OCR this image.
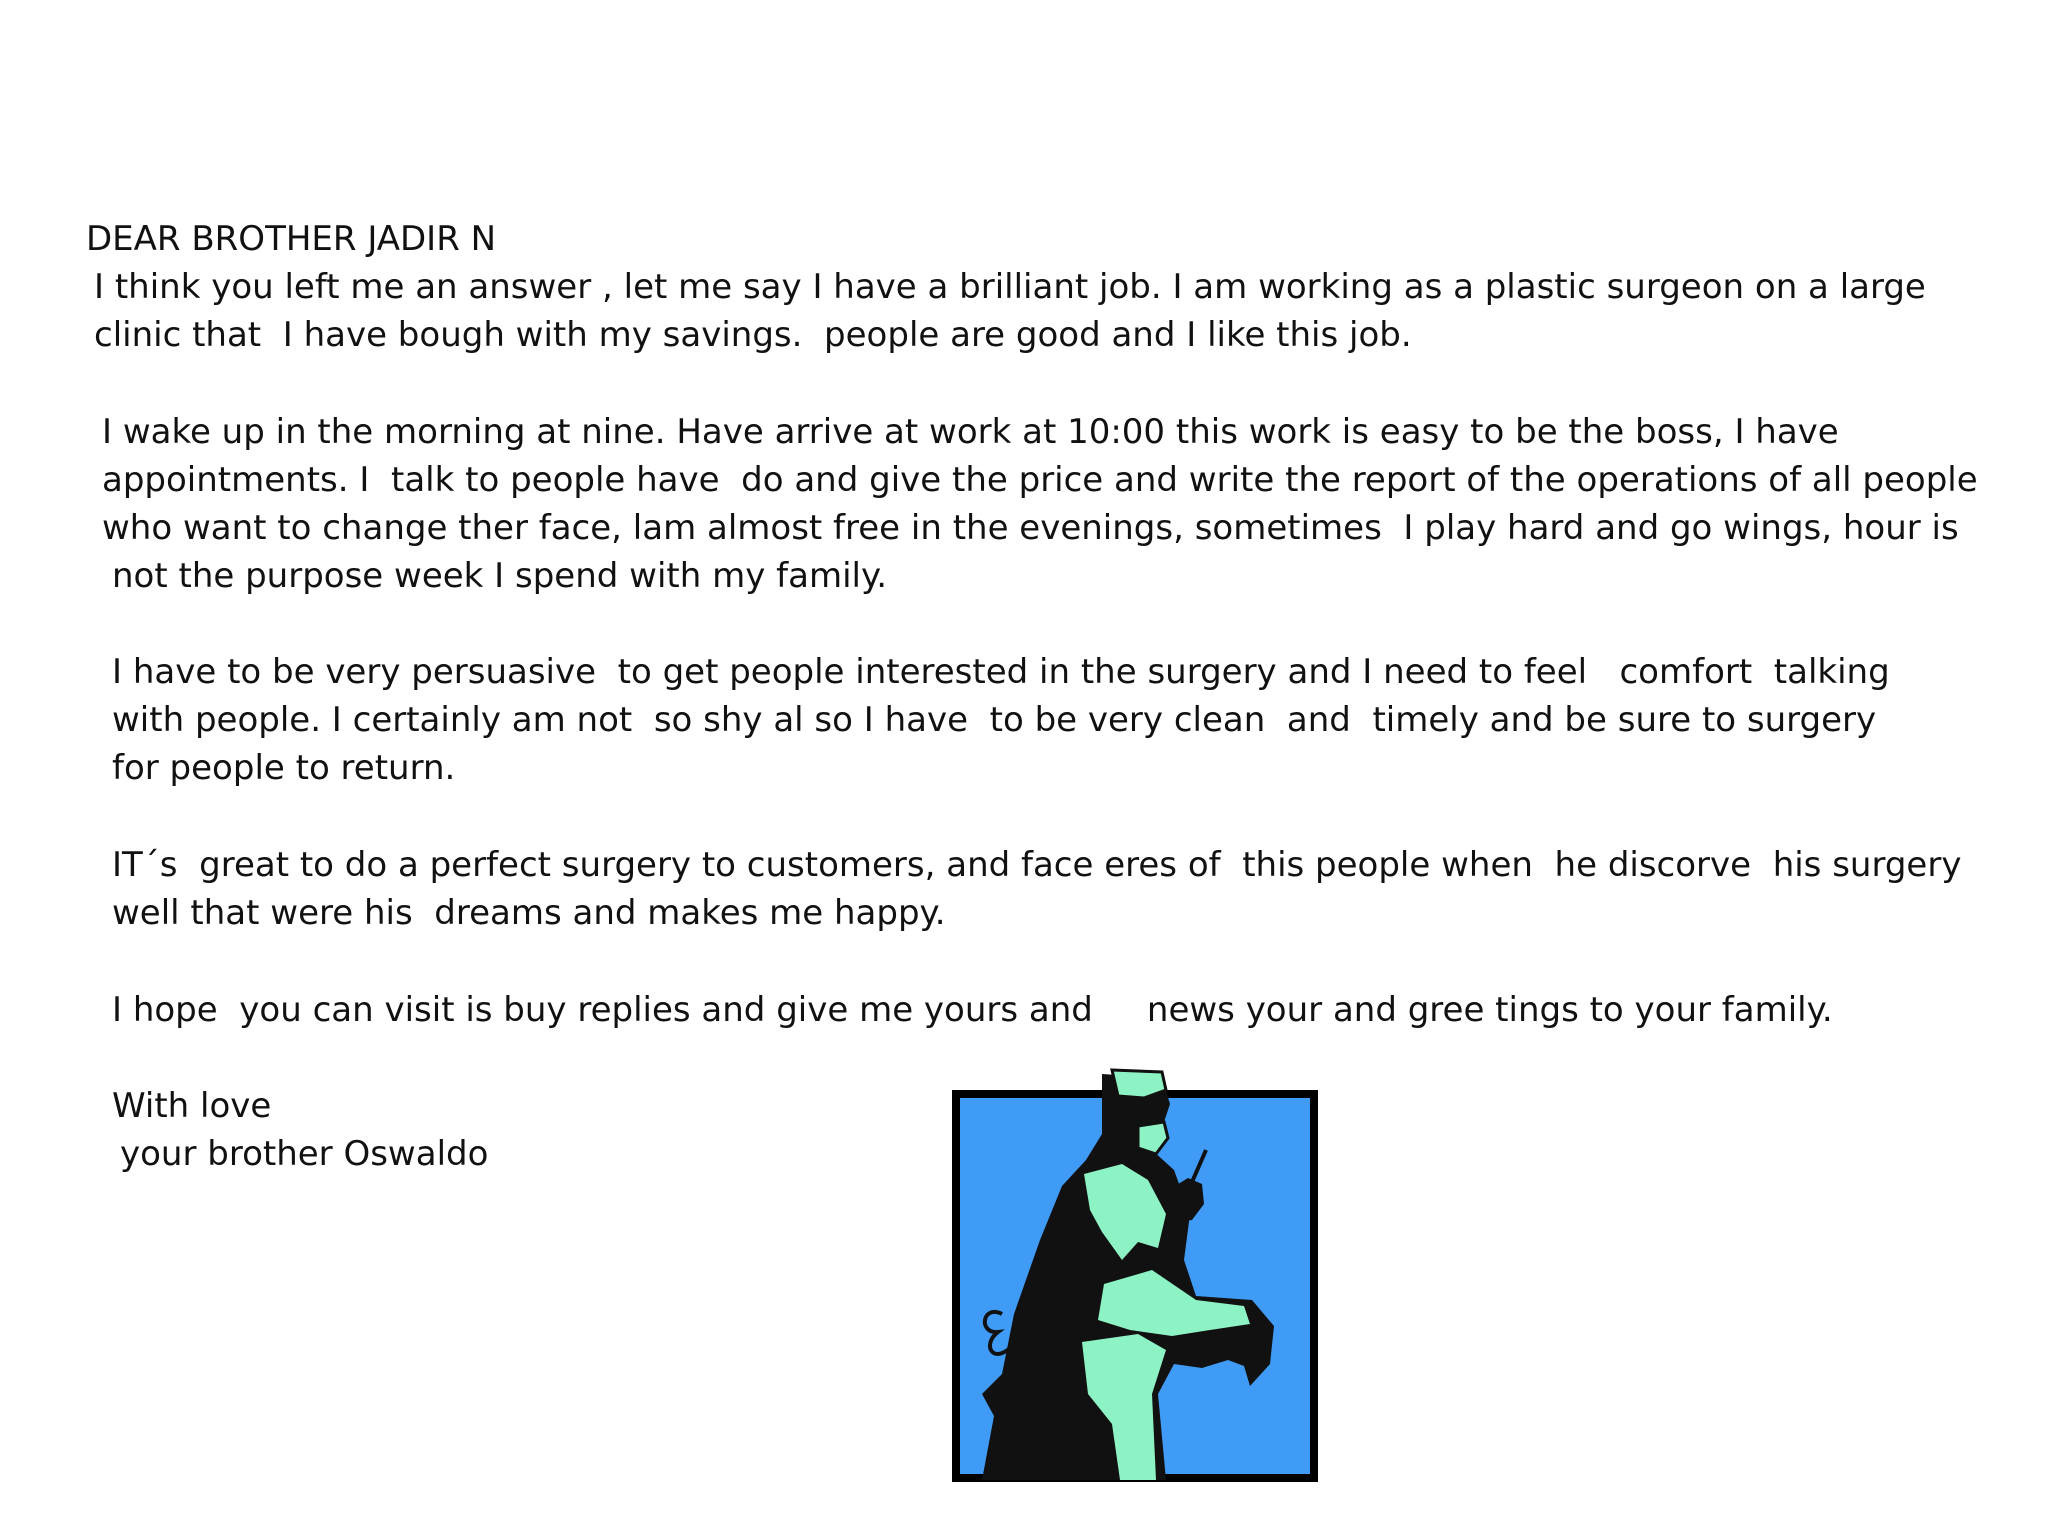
DEAR BROTHER JADIR N

I think you left me an answer , let me say I have a brilliant job. I am working as a plastic surgeon on a large

clinic that  I have bough with my savings.  people are good and I like this job.

I wake up in the morning at nine. Have arrive at work at 10:00 this work is easy to be the boss, I have

appointments. I  talk to people have  do and give the price and write the report of the operations of all people

who want to change ther face, lam almost free in the evenings, sometimes  I play hard and go wings, hour is

not the purpose week I spend with my family.

I have to be very persuasive  to get people interested in the surgery and I need to feel   comfort  talking

with people. I certainly am not  so shy al so I have  to be very clean  and  timely and be sure to surgery

for people to return.

IT´s  great to do a perfect surgery to customers, and face eres of  this people when  he discorve  his surgery

well that were his  dreams and makes me happy.

I hope  you can visit is buy replies and give me yours and     news your and gree tings to your family.

With love

your brother Oswaldo
